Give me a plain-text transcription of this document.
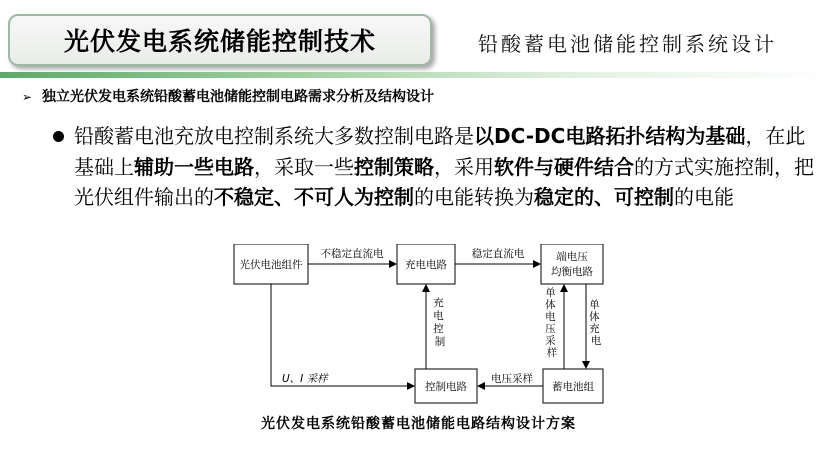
光伏发电系统储能控制技术	铅酸蓄电池储能控制系统设计
➢ 独立光伏发电系统铅酸蓄电池储能控制电路需求分析及结构设计
铅酸蓄电池充放电控制系统大多数控制电路是以DC-DC电路拓扑结构为基础，在此基础上辅助一些电路，采取一些控制策略，采用软件与硬件结合的方式实施控制，把光伏组件输出的不稳定、不可人为控制的电能转换为稳定的、可控制的电能
光伏电池组件	充电电路
端电压
均衡电路
控制电路	蓄电池组
不稳定直流电	稳定直流电
U、I 采样	电压采样
充 电 控 制
单 体 电 压 采 样
单 体 充 电
光伏发电系统铅酸蓄电池储能电路结构设计方案
